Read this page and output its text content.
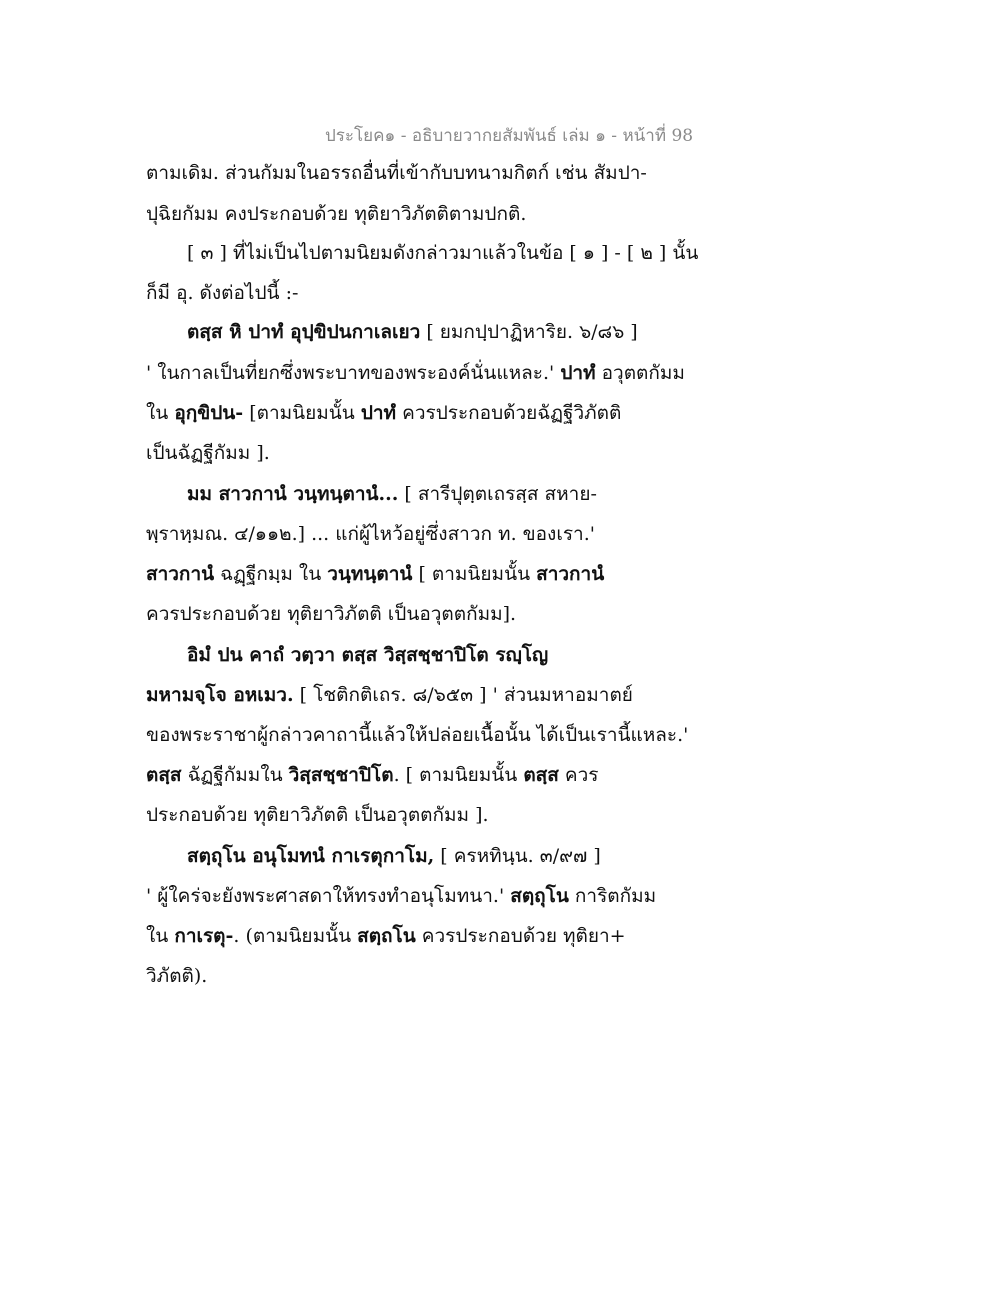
ประโยค๑ - อธิบายวากยสัมพันธ์ เล่ม ๑ - หน้าที่ 98
ตามเดิม. ส่วนกัมมในอรรถอื่นที่เข้ากับบทนามกิตก์ เช่น สัมปา-
ปุฉิยกัมม คงประกอบด้วย ทุติยาวิภัตติตามปกติ.
[ ๓ ] ที่ไม่เป็นไปตามนิยมดังกล่าวมาแล้วในข้อ [ ๑ ] - [ ๒ ] นั้น
ก็มี อุ. ดังต่อไปนี้ :-
ตสฺส หิ ปาทํ อุปฺขิปนกาเลเยว [ ยมกปฺปาฏิหาริย. ๖/๘๖ ]
' ในกาลเป็นที่ยกซึ่งพระบาทของพระองค์นั่นแหละ.' ปาทํ อวุตตกัมม
ใน อุกฺขิปน- [ตามนิยมนั้น ปาทํ ควรประกอบด้วยฉัฏฐีวิภัตติ
เป็นฉัฏฐีกัมม ].
มม สาวกานํ วนฺทนฺตานํ... [ สารีปุตฺตเถรสฺส สหาย-
พฺราหฺมณ. ๔/๑๑๒.] ... แก่ผู้ไหว้อยู่ซึ่งสาวก ท. ของเรา.'
สาวกานํ ฉฏฺฐีกมฺม ใน วนฺทนฺตานํ [ ตามนิยมนั้น สาวกานํ
ควรประกอบด้วย ทุติยาวิภัตติ เป็นอวุตตกัมม].
อิมํ ปน คาถํ วตฺวา ตสฺส วิสฺสชฺชาปิโต รญฺโญ
มหามจฺโจ อหเมว. [ โชติกติเถร. ๘/๖๕๓ ] ' ส่วนมหาอมาตย์
ของพระราชาผู้กล่าวคาถานี้แล้วให้ปล่อยเนื้อนั้น ได้เป็นเรานี้แหละ.'
ตสฺส ฉัฏฐีกัมมใน วิสฺสชฺชาปิโต. [ ตามนิยมนั้น ตสฺส ควร
ประกอบด้วย ทุติยาวิภัตติ เป็นอวุตตกัมม ].
สตฺถุโน อนุโมทนํ กาเรตุกาโม, [ ครหทินฺน. ๓/๙๗ ]
' ผู้ใคร่จะยังพระศาสดาให้ทรงทำอนุโมทนา.' สตฺถุโน การิตกัมม
ใน กาเรตุ-. (ตามนิยมนั้น สตฺถโน ควรประกอบด้วย ทุติยา+
วิภัตติ).
